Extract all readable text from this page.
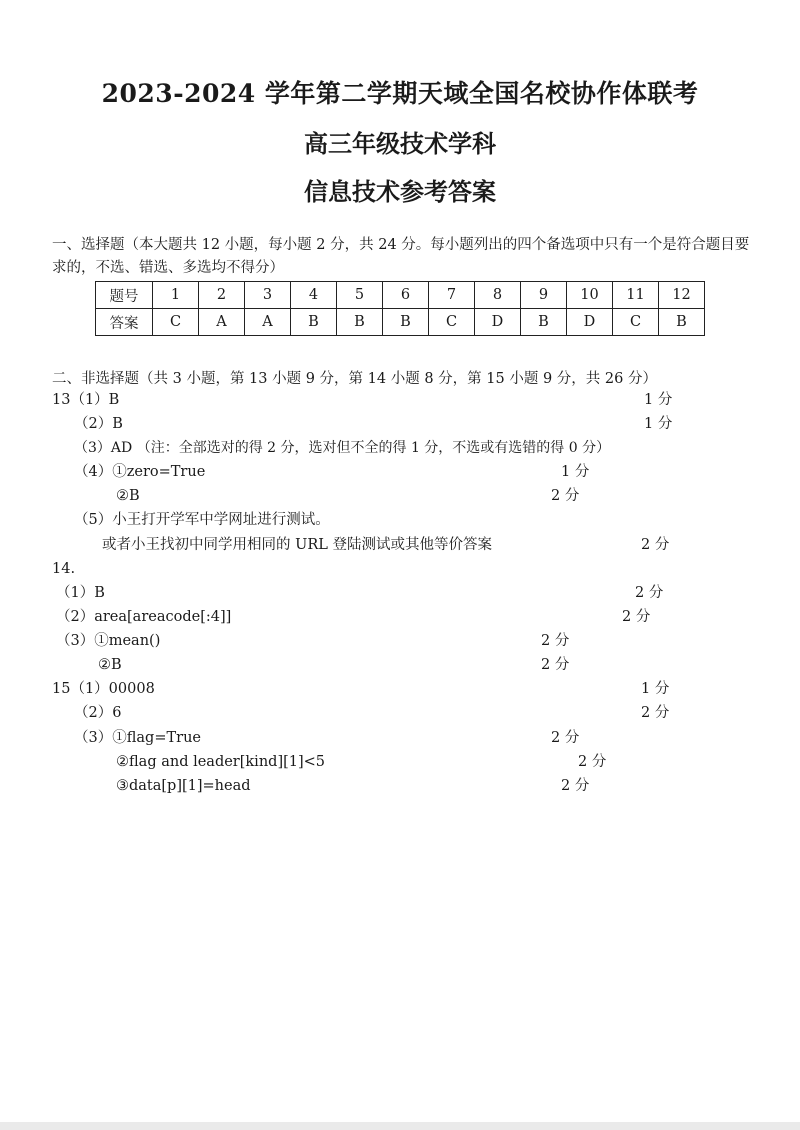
2023-2024 学年第二学期天域全国名校协作体联考
高三年级技术学科
信息技术参考答案
一、选择题（本大题共 12 小题，每小题 2 分，共 24 分。每小题列出的四个备选项中只有一个是符合题目要求的，不选、错选、多选均不得分）
题号	1	2	3	4	5	6	7	8	9	10	11	12
答案	C	A	A	B	B	B	C	D	B	D	C	B
二、非选择题（共 3 小题，第 13 小题 9 分，第 14 小题 8 分，第 15 小题 9 分，共 26 分）
13（1）B	1 分
（2）B	1 分
（3）AD （注：全部选对的得 2 分，选对但不全的得 1 分，不选或有选错的得 0 分）
（4）①zero=True	1 分
②B	2 分
（5）小王打开学军中学网址进行测试。
或者小王找初中同学用相同的 URL 登陆测试或其他等价答案	2 分
14.
（1）B	2 分
（2）area[areacode[:4]]	2 分
（3）①mean()	2 分
②B	2 分
15（1）00008	1 分
（2）6	2 分
（3）①flag=True	2 分
②flag and leader[kind][1]<5	2 分
③data[p][1]=head	2 分
